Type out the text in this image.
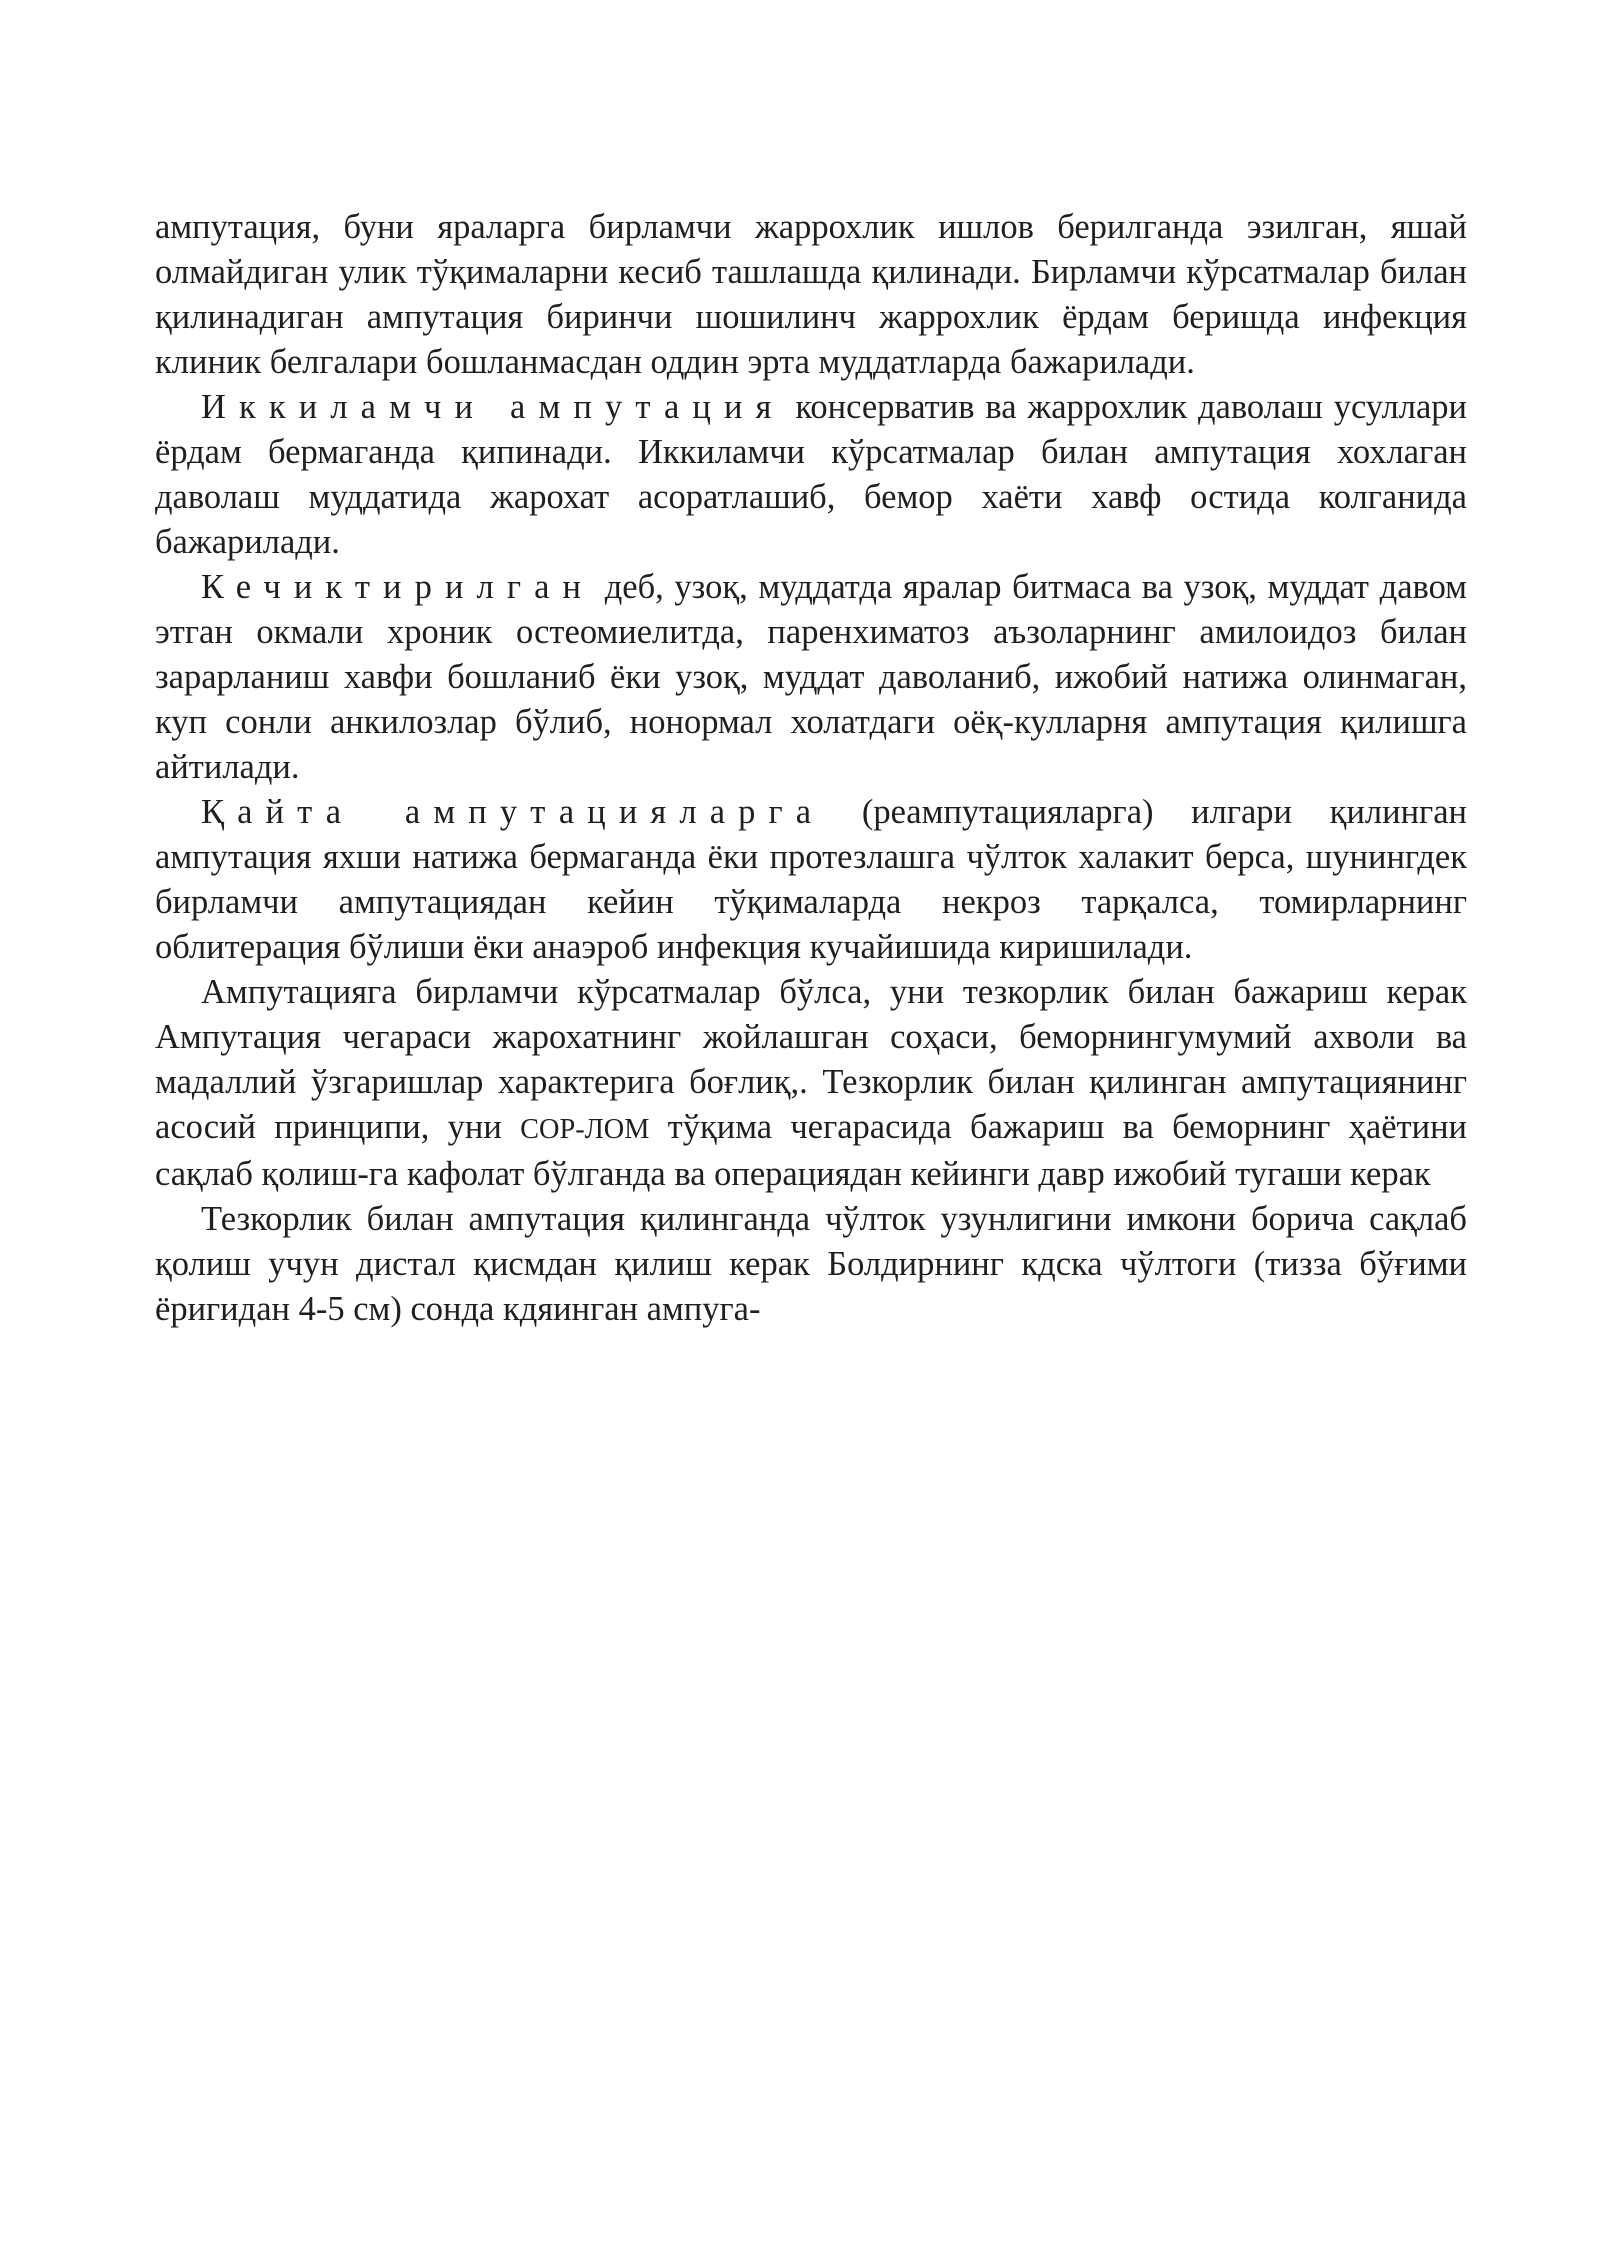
ампутация, буни яраларга бирламчи жаррохлик ишлов берилганда эзилган, яшай олмайдиган улик тўқималарни кесиб ташлашда қилинади. Бирламчи кўрсатмалар билан қилинадиган ампутация биринчи шошилинч жаррохлик ёрдам беришда инфекция клиник белгалари бошланмасдан оддин эрта муддатларда бажарилади.

Иккиламчи ампутация консерватив ва жаррохлик даволаш усуллари ёрдам бермаганда қипинади. Иккиламчи кўрсатмалар билан ампутация хохлаган даволаш муддатида жарохат асоратлашиб, бемор хаёти хавф остида колганида бажарилади.

Кечиктирилган деб, узоқ, муддатда яралар битмаса ва узоқ, муддат давом этган окмали хроник остеомиелитда, паренхиматоз аъзоларнинг амилоидоз билан зарарланиш хавфи бошланиб ёки узоқ, муддат даволаниб, ижобий натижа олинмаган, куп сонли анкилозлар бўлиб, нонормал холатдаги оёқ-кулларня ампутация қилишга айтилади.

Қайта ампутацияларга (реампутацияларга) илгари қилинган ампутация яхши натижа бермаганда ёки протезлашга чўлток халакит берса, шунингдек бирламчи ампутациядан кейин тўқималарда некроз тарқалса, томирларнинг облитерация бўлиши ёки анаэроб инфекция кучайишида киришилади.

Ампутацияга бирламчи кўрсатмалар бўлса, уни тезкорлик билан бажариш керак Ампутация чегараси жарохатнинг жойлашган соҳаси, беморнингумумий ахволи ва мадаллий ўзгаришлар характерига боғлиқ,. Тезкорлик билан қилинган ампутациянинг асосий принципи, уни СОР-ЛОМ тўқима чегарасида бажариш ва беморнинг ҳаётини сақлаб қолиш-га кафолат бўлганда ва операциядан кейинги давр ижобий тугаши керак

Тезкорлик билан ампутация қилинганда чўлток узунлигини имкони борича сақлаб қолиш учун дистал қисмдан қилиш керак Болдирнинг кдска чўлтоги (тизза бўғими ёригидан 4-5 см) сонда кдяинган ампуга-
